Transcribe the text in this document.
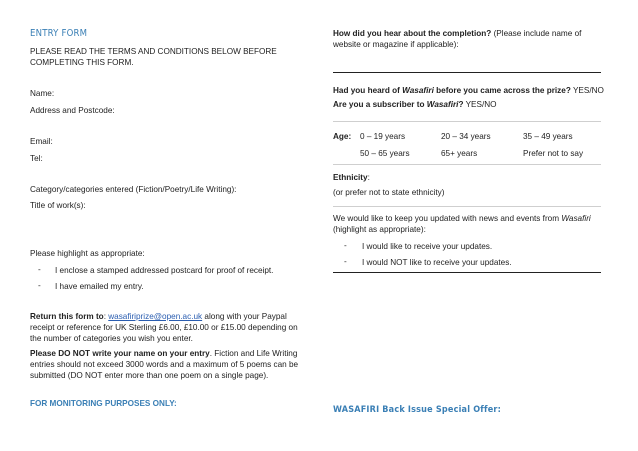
ENTRY FORM
PLEASE READ THE TERMS AND CONDITIONS BELOW BEFORE
COMPLETING THIS FORM.
Name:
Address and Postcode:
Email:
Tel:
Category/categories entered (Fiction/Poetry/Life Writing):
Title of work(s):
Please highlight as appropriate:
- I enclose a stamped addressed postcard for proof of receipt.
- I have emailed my entry.
Return this form to: wasafiriprize@open.ac.uk along with your Paypal
receipt or reference for UK Sterling £6.00, £10.00 or £15.00 depending on
the number of categories you wish you enter.
Please DO NOT write your name on your entry. Fiction and Life Writing
entries should not exceed 3000 words and a maximum of 5 poems can be
submitted (DO NOT enter more than one poem on a single page).
FOR MONITORING PURPOSES ONLY:
How did you hear about the completion? (Please include name of
website or magazine if applicable):
Had you heard of Wasafiri before you came across the prize? YES/NO
Are you a subscriber to Wasafiri? YES/NO
Age: 0 – 19 years	20 – 34 years	35 – 49 years
50 – 65 years	65+ years	Prefer not to say
Ethnicity:
(or prefer not to state ethnicity)
We would like to keep you updated with news and events from Wasafiri
(highlight as appropriate):
- I would like to receive your updates.
- I would NOT like to receive your updates.
WASAFIRI Back Issue Special Offer:
